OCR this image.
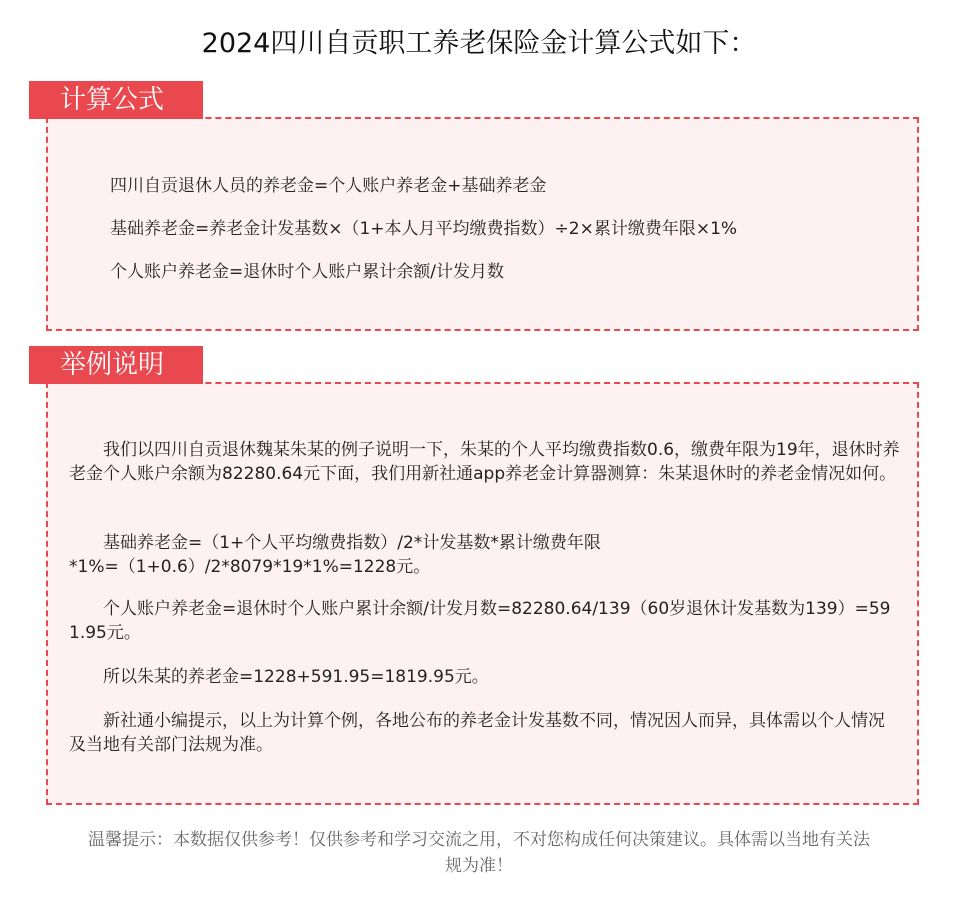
2024四川自贡职工养老保险金计算公式如下：
计算公式
四川自贡退休人员的养老金=个人账户养老金+基础养老金
基础养老金=养老金计发基数×（1+本人月平均缴费指数）÷2×累计缴费年限×1%
个人账户养老金=退休时个人账户累计余额/计发月数
举例说明

我们以四川自贡退休魏某朱某的例子说明一下，朱某的个人平均缴费指数0.6，缴费年限为19年，退休时养老金个人账户余额为82280.64元下面，我们用新社通app养老金计算器测算：朱某退休时的养老金情况如何。

基础养老金=（1+个人平均缴费指数）/2*计发基数*累计缴费年限

*1%=（1+0.6）/2*8079*19*1%=1228元。

个人账户养老金=退休时个人账户累计余额/计发月数=82280.64/139（60岁退休计发基数为139）=591.95元。

所以朱某的养老金=1228+591.95=1819.95元。

新社通小编提示，以上为计算个例，各地公布的养老金计发基数不同，情况因人而异，具体需以个人情况及当地有关部门法规为准。

温馨提示：本数据仅供参考！仅供参考和学习交流之用，不对您构成任何决策建议。具体需以当地有关法
规为准！
